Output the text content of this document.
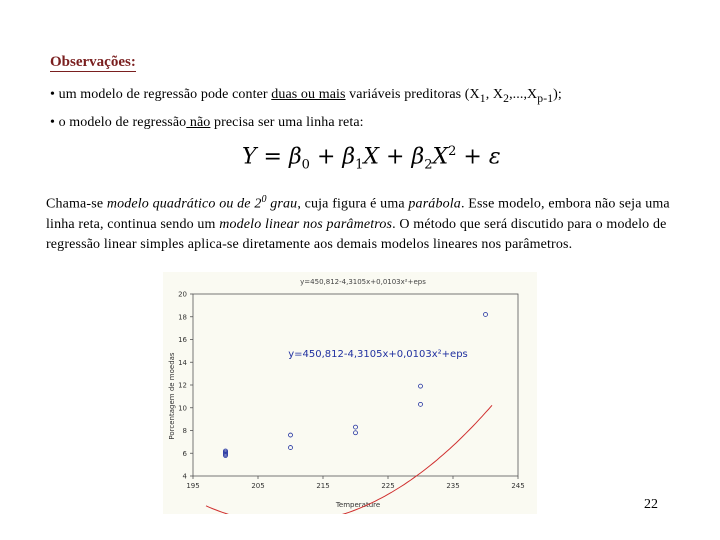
Observações:
• um modelo de regressão pode conter duas ou mais variáveis preditoras ($X_1$, $X_2,...,X_{p-1}$);
• o modelo de regressão não precisa ser uma linha reta:
$Y = \beta_0 + \beta_1X + \beta_2X^2 + \varepsilon$
Chama-se modelo quadrático ou de $2^0$ grau, cuja figura é uma parábola. Esse modelo, embora não seja uma linha reta, continua sendo um modelo linear nos parâmetros. O método que será discutido para o modelo de regressão linear simples aplica-se diretamente aos demais modelos lineares nos parâmetros.
y=450,812-4,3105x+0,0103x²+eps
y=450,812-4,3105x+0,0103x²+eps
Temperature
Porcentagem de moedas
195	205	215	225	235	245
4
6
8
10
12
14
16
18
20
22
